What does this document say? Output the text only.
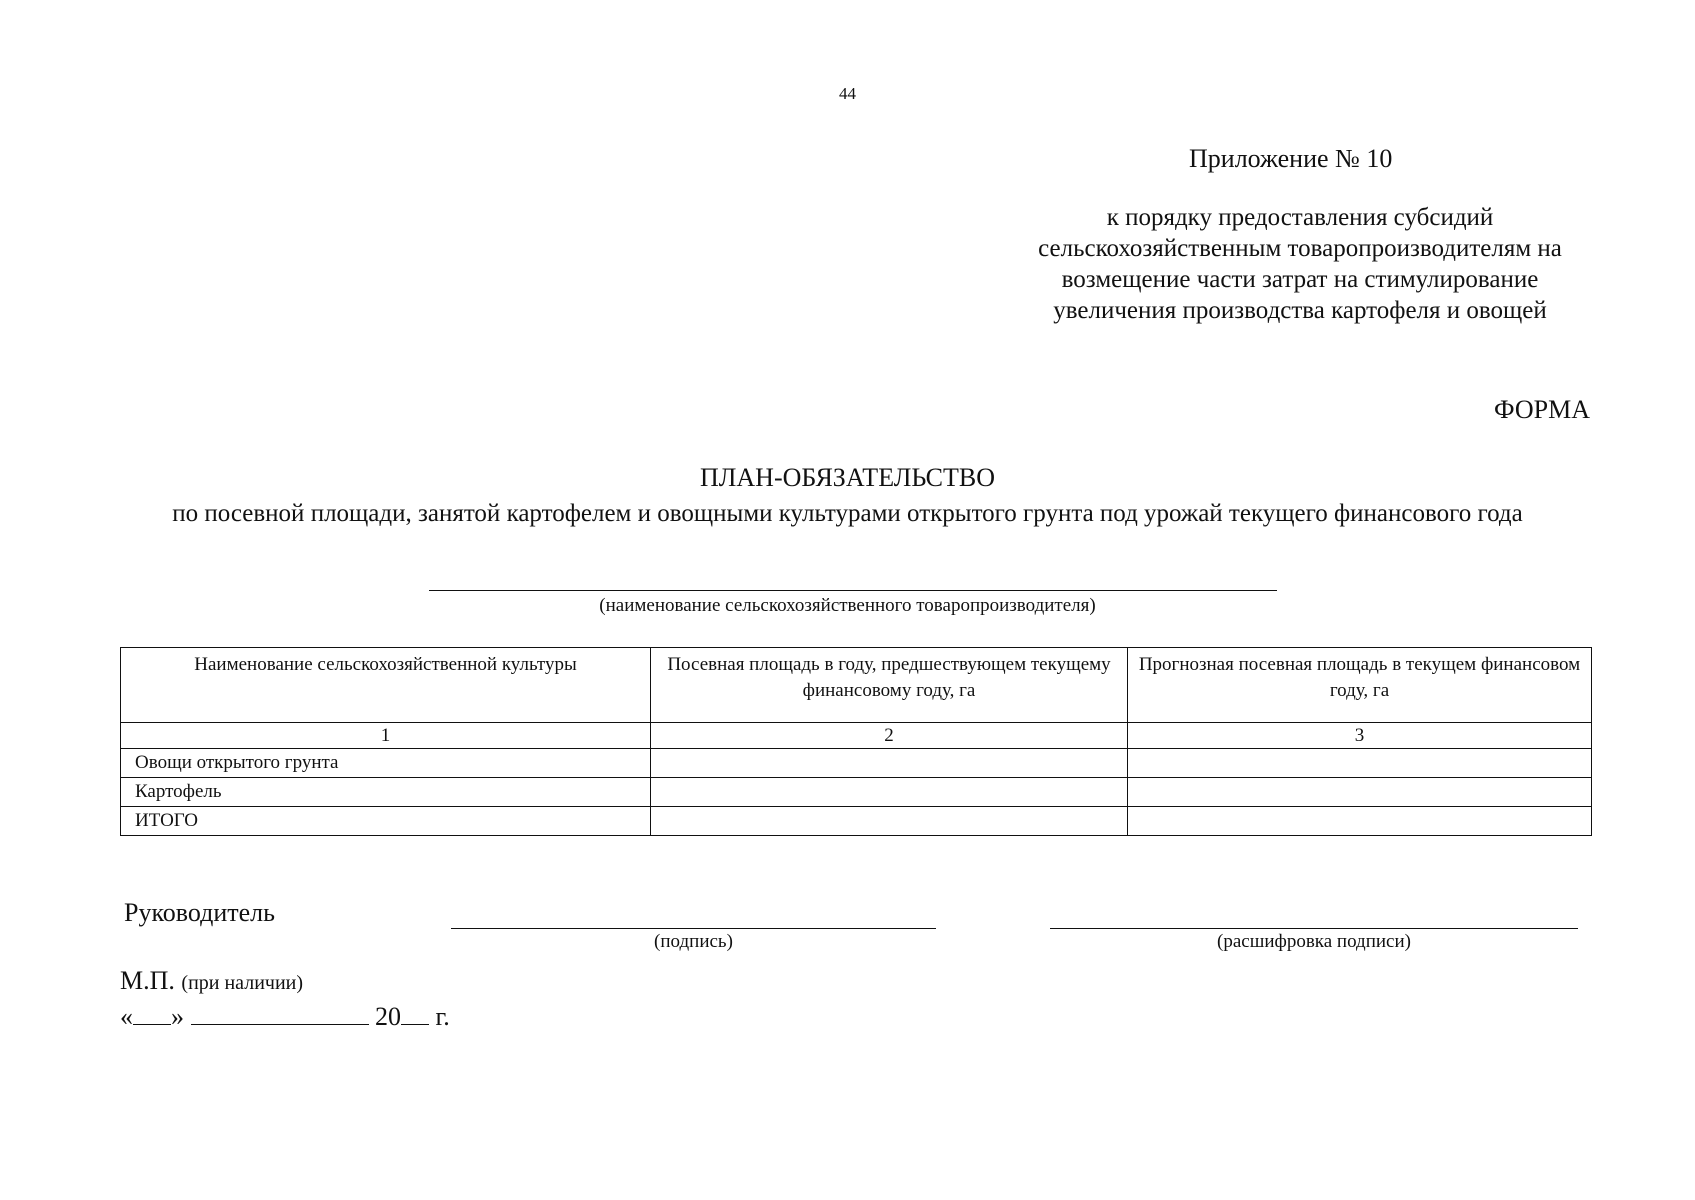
44
Приложение № 10
к порядку предоставления субсидий сельскохозяйственным товаропроизводителям на возмещение части затрат на стимулирование увеличения производства картофеля и овощей
ФОРМА
ПЛАН-ОБЯЗАТЕЛЬСТВО
по посевной площади, занятой картофелем и овощными культурами открытого грунта под урожай текущего финансового года
(наименование сельскохозяйственного товаропроизводителя)
Наименование сельскохозяйственной культуры	Посевная площадь в году, предшествующем текущему финансовому году, га	Прогнозная посевная площадь в текущем финансовом году, га
1	2	3
Овощи открытого грунта		
Картофель		
ИТОГО		
Руководитель
(подпись)	(расшифровка подписи)
М.П. (при наличии)
« »	20 г.
